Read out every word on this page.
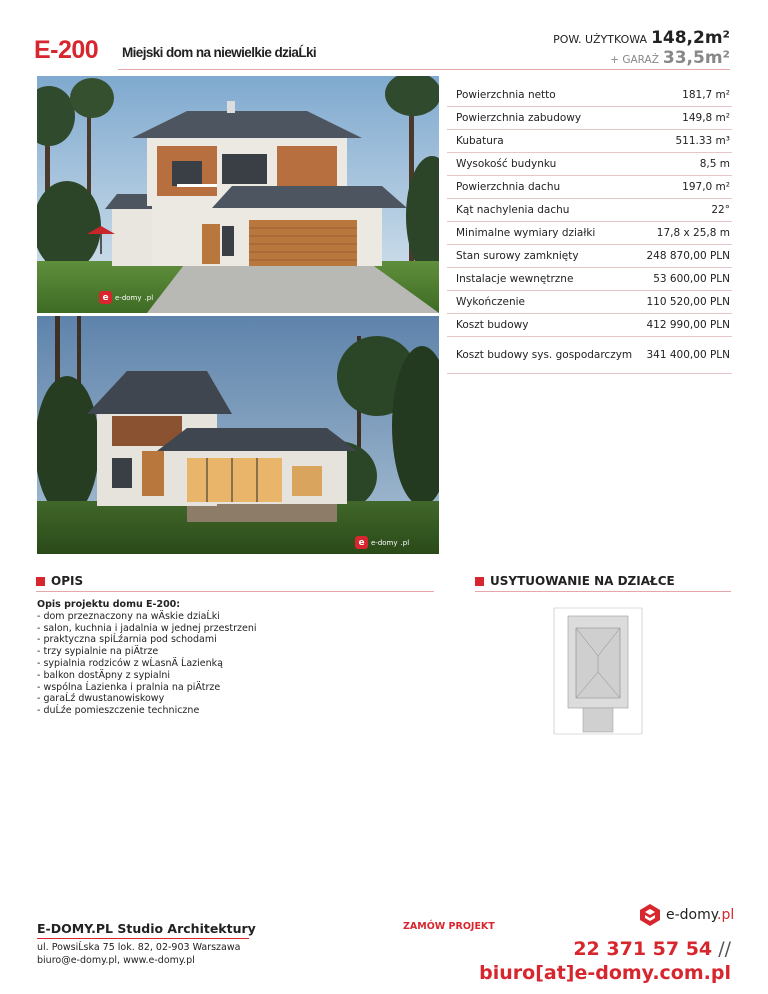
E-200 Miejski dom na niewielkie dziaĹki
POW. UŻYTKOWA 148,2m²
+ GARAŻ 33,5m²
e e-domy .pl
e e-domy .pl
Powierzchnia netto	181,7 m²
Powierzchnia zabudowy	149,8 m²
Kubatura	511.33 m³
Wysokość budynku	8,5 m
Powierzchnia dachu	197,0 m²
Kąt nachylenia dachu	22°
Minimalne wymiary działki	17,8 x 25,8 m
Stan surowy zamknięty	248 870,00 PLN
Instalacje wewnętrzne	53 600,00 PLN
Wykończenie	110 520,00 PLN
Koszt budowy	412 990,00 PLN
Koszt budowy sys. gospodarczym	341 400,00 PLN
OPIS	USYTUOWANIE NA DZIAŁCE
Opis projektu domu E-200:
- dom przeznaczony na wÄskie dziaĹki
- salon, kuchnia i jadalnia w jednej przestrzeni
- praktyczna spiĹźarnia pod schodami
- trzy sypialnie na piÄtrze
- sypialnia rodziców z wĹasnÄ Ĺazienką
- balkon dostÄpny z sypialni
- wspólna Ĺazienka i pralnia na piÄtrze
- garaĹź dwustanowiskowy
- duĹźe pomieszczenie techniczne
E-DOMY.PL Studio Architektury
ul. PowsiĹska 75 lok. 82, 02-903 Warszawa
biuro@e-domy.pl, www.e-domy.pl
ZAMÓW PROJEKT
e-domy.pl
22 371 57 54 //
biuro[at]e-domy.com.pl
